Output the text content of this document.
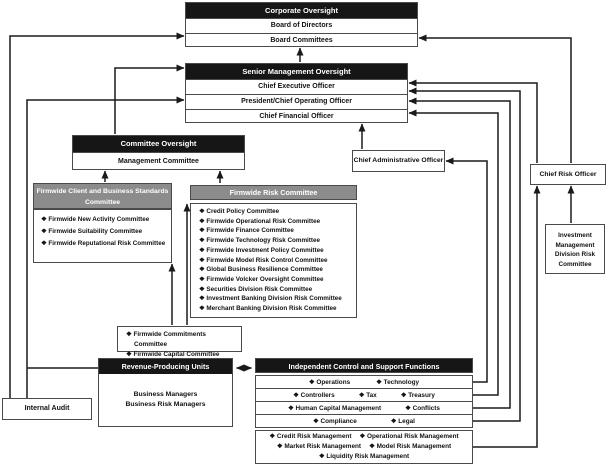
Corporate Oversight
Board of Directors
Board Committees
Senior Management Oversight
Chief Executive Officer
President/Chief Operating Officer
Chief Financial Officer
Committee Oversight
Management Committee	Chief Administrative Officer
Chief Risk Officer
Investment Management Division Risk Committee
Firmwide Client and Business Standards Committee
❖ Firmwide New Activity Committee
❖ Firmwide Suitability Committee
❖ Firmwide Reputational Risk Committee
Firmwide Risk Committee
❖ Credit Policy Committee
❖ Firmwide Operational Risk Committee
❖ Firmwide Finance Committee
❖ Firmwide Technology Risk Committee
❖ Firmwide Investment Policy Committee
❖ Firmwide Model Risk Control Committee
❖ Global Business Resilience Committee
❖ Firmwide Volcker Oversight Committee
❖ Securities Division Risk Committee
❖ Investment Banking Division Risk Committee
❖ Merchant Banking Division Risk Committee
❖ Firmwide Commitments Committee
❖ Firmwide Capital Committee
Revenue-Producing Units
Business Managers
Business Risk Managers
Internal Audit
Independent Control and Support Functions
❖ Operations	❖ Technology
❖ Controllers	❖ Tax	❖ Treasury
❖ Human Capital Management	❖ Conflicts
❖ Compliance	❖ Legal
❖ Credit Risk Management ❖ Operational Risk Management
❖ Market Risk Management ❖ Model Risk Management
❖ Liquidity Risk Management
